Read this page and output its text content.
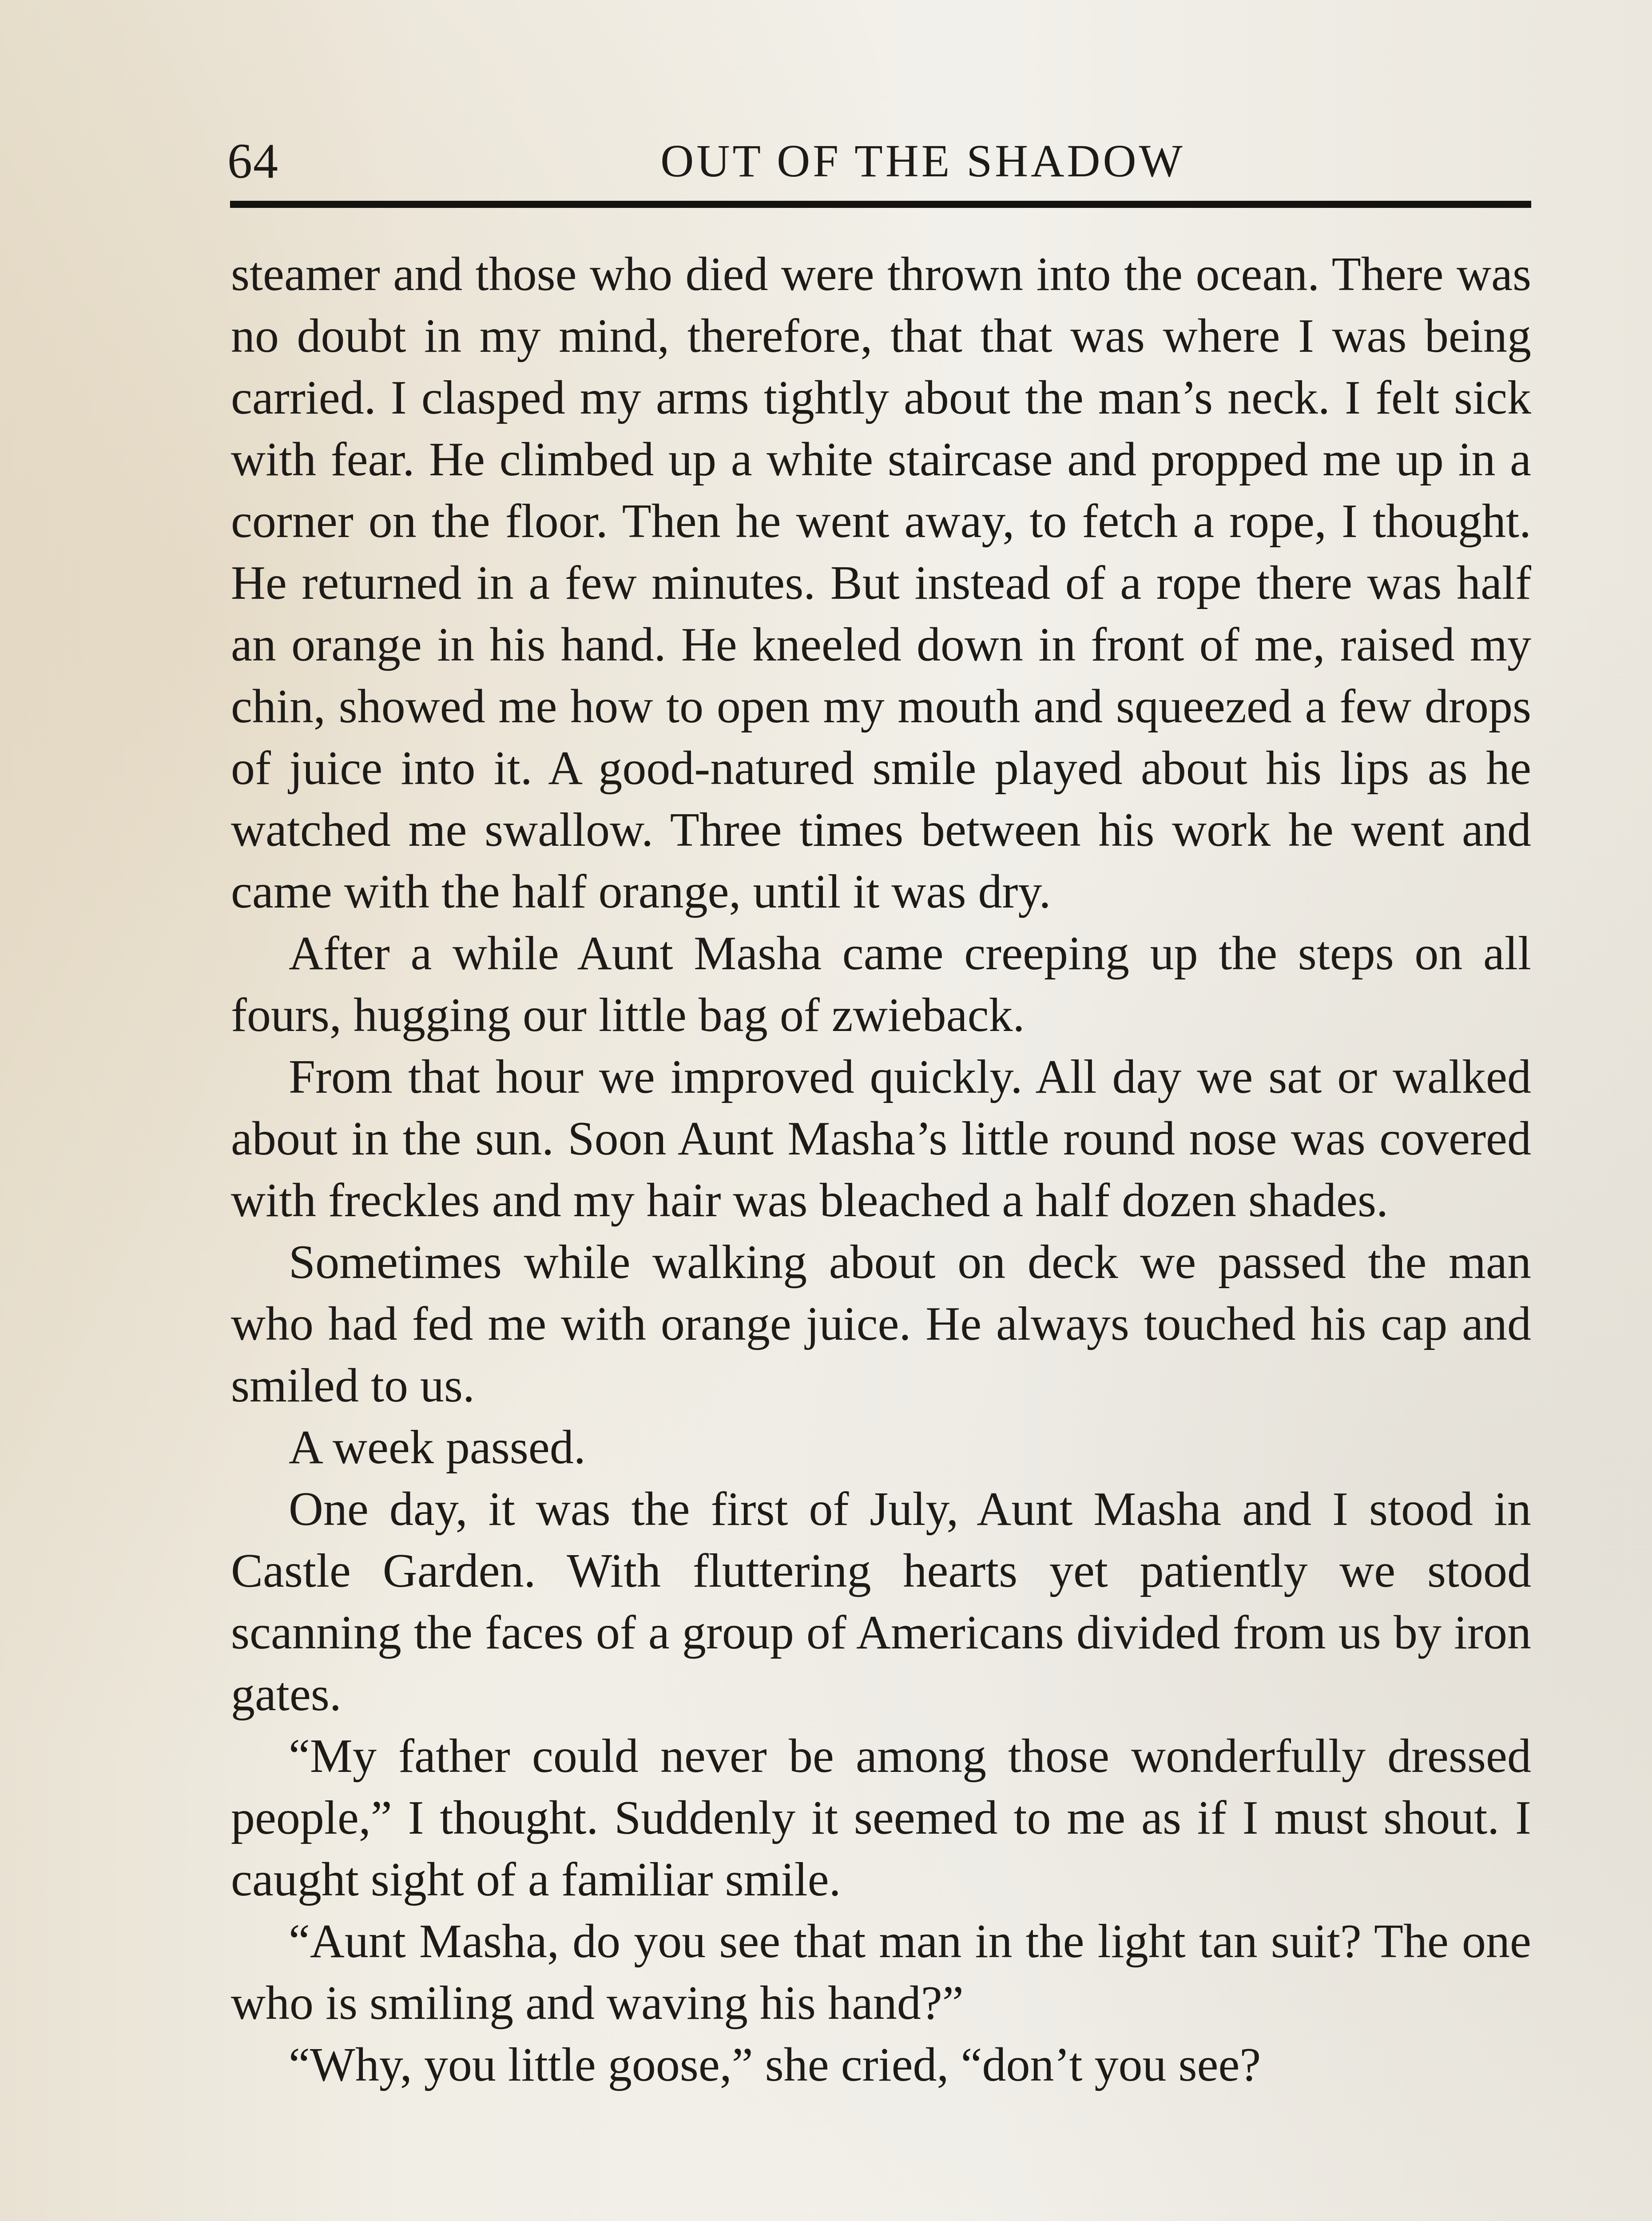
64	OUT OF THE SHADOW

steamer and those who died were thrown into the ocean. There was no doubt in my mind, therefore, that that was where I was being carried. I clasped my arms tightly about the man’s neck. I felt sick with fear. He climbed up a white staircase and propped me up in a corner on the floor. Then he went away, to fetch a rope, I thought. He returned in a few minutes. But instead of a rope there was half an orange in his hand. He kneeled down in front of me, raised my chin, showed me how to open my mouth and squeezed a few drops of juice into it. A good-natured smile played about his lips as he watched me swallow. Three times between his work he went and came with the half orange, until it was dry.

After a while Aunt Masha came creeping up the steps on all fours, hugging our little bag of zwieback.

From that hour we improved quickly. All day we sat or walked about in the sun. Soon Aunt Masha’s little round nose was covered with freckles and my hair was bleached a half dozen shades.

Sometimes while walking about on deck we passed the man who had fed me with orange juice. He always touched his cap and smiled to us.

A week passed.

One day, it was the first of July, Aunt Masha and I stood in Castle Garden. With fluttering hearts yet patiently we stood scanning the faces of a group of Americans divided from us by iron gates.

“My father could never be among those wonderfully dressed people,” I thought. Suddenly it seemed to me as if I must shout. I caught sight of a familiar smile.

“Aunt Masha, do you see that man in the light tan suit? The one who is smiling and waving his hand?”

“Why, you little goose,” she cried, “don’t you see?
